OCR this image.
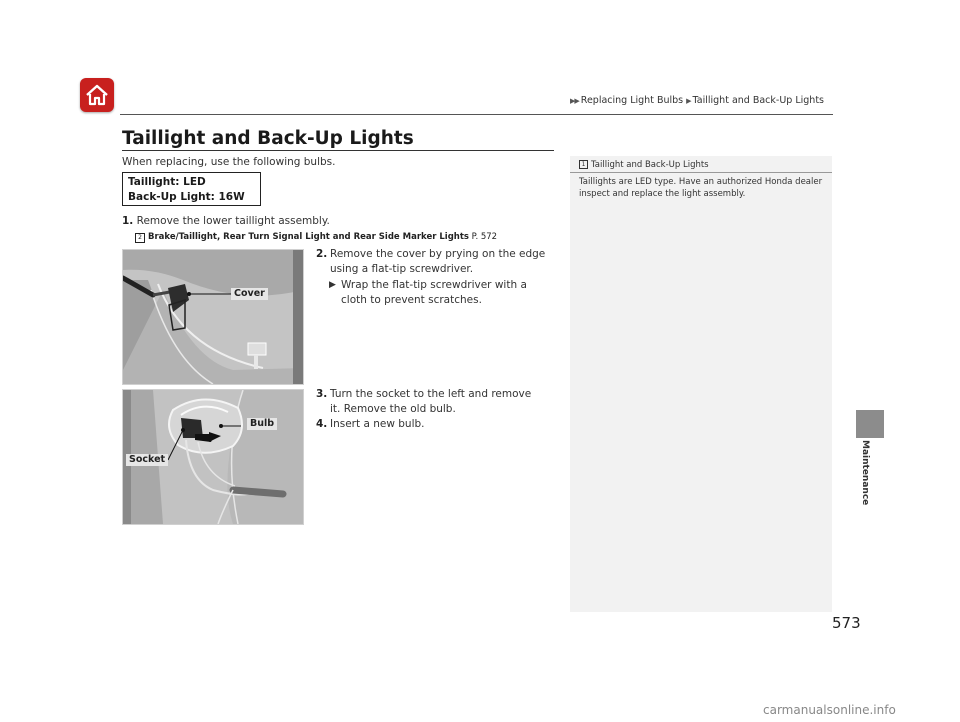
▶▶ Replacing Light Bulbs ▶ Taillight and Back-Up Lights
Taillight and Back-Up Lights
When replacing, use the following bulbs.
Taillight: LED
Back-Up Light: 16W
1. Remove the lower taillight assembly.
2 Brake/Taillight, Rear Turn Signal Light and Rear Side Marker Lights P. 572
Cover
2. Remove the cover by prying on the edge using a flat-tip screwdriver.
▶ Wrap the flat-tip screwdriver with a cloth to prevent scratches.
Bulb
Socket
3. Turn the socket to the left and remove it. Remove the old bulb.
4. Insert a new bulb.
1 Taillight and Back-Up Lights
Taillights are LED type. Have an authorized Honda dealer inspect and replace the light assembly.
Maintenance
573
carmanualsonline.info
